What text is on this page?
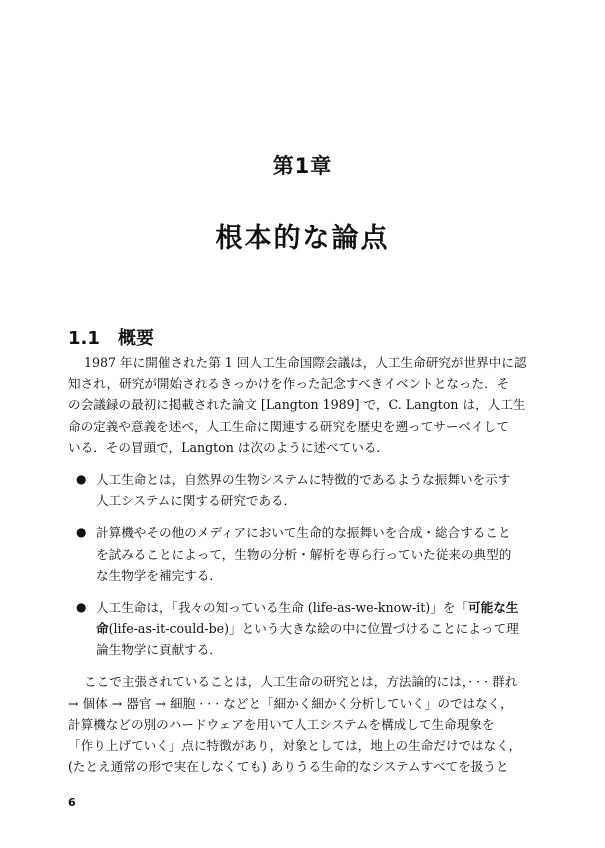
第1章
根本的な論点
1.1 概要
1987 年に開催された第 1 回人工生命国際会議は，人工生命研究が世界中に認
知され，研究が開始されるきっかけを作った記念すべきイベントとなった．そ
の会議録の最初に掲載された論文 [Langton 1989] で，C. Langton は，人工生
命の定義や意義を述べ，人工生命に関連する研究を歴史を遡ってサーベイして
いる．その冒頭で，Langton は次のように述べている．
● 人工生命とは，自然界の生物システムに特徴的であるような振舞いを示す
人工システムに関する研究である．
● 計算機やその他のメディアにおいて生命的な振舞いを合成・総合すること
を試みることによって，生物の分析・解析を専ら行っていた従来の典型的
な生物学を補完する．
● 人工生命は，「我々の知っている生命 (life-as-we-know-it)」を「可能な生
命(life-as-it-could-be)」という大きな絵の中に位置づけることによって理
論生物学に貢献する．
ここで主張されていることは，人工生命の研究とは，方法論的には，· · · 群れ
→ 個体 → 器官 → 細胞 · · · などと「細かく細かく分析していく」のではなく，
計算機などの別のハードウェアを用いて人工システムを構成して生命現象を
「作り上げていく」点に特徴があり，対象としては，地上の生命だけではなく，
(たとえ通常の形で実在しなくても) ありうる生命的なシステムすべてを扱うと
6
